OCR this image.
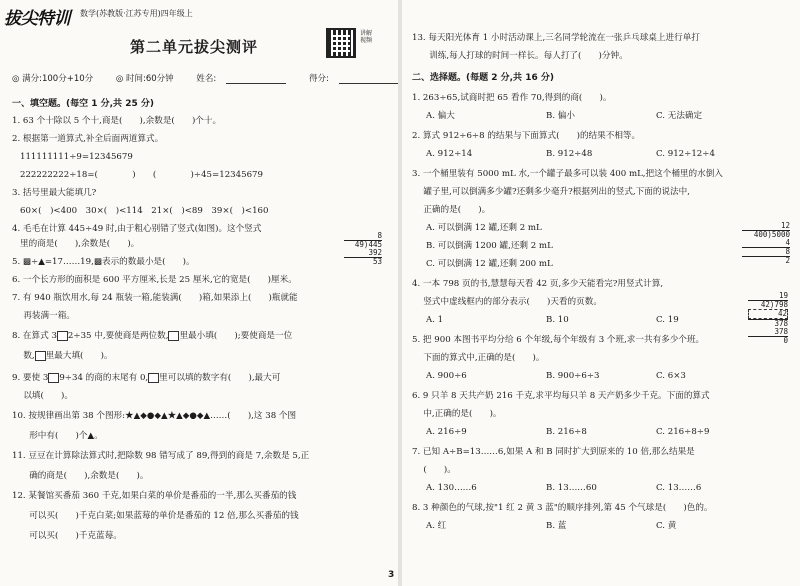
拔尖特训 数学(苏教版·江苏专用)四年级上
第二单元拔尖测评
讲解视频
◎ 满分:100分+10分	◎ 时间:60分钟	姓名:	得分:
一、填空题。(每空 1 分,共 25 分)
1. 63 个十除以 5 个十,商是(　　),余数是(　　)个十。
2. 根据第一道算式,补全后面两道算式。
111111111÷9=12345679
222222222÷18=(　　　　)　　(　　　　)÷45=12345679
3. 括号里最大能填几?
60×(　)<400　30×(　)<114　21×(　)<89　39×(　)<160
4. 毛毛在计算 445÷49 时,由于粗心别错了竖式(如图)。这个竖式
里的商是(　　),余数是(　　)。
5. ▩÷▲=17……19,▩表示的数最小是(　　)。
6. 一个长方形的面积是 600 平方厘米,长是 25 厘米,它的宽是(　　)厘米。
7. 有 940 瓶饮用水,每 24 瓶装一箱,能装满(　　)箱,如果添上(　　)瓶就能
　 再装满一箱。
8. 在算式 3 2÷35 中,要使商是两位数, 里最小填(　　);要使商是一位
　 数, 里最大填(　　)。
9. 要使 3 9÷34 的商的末尾有 0, 里可以填的数字有(　　),最大可
　 以填(　　)。
10. 按规律画出第 38 个图形:★▲◆●◆▲★▲◆●◆▲……(　　),这 38 个图
　　形中有(　　)个▲。
11. 豆豆在计算除法算式时,把除数 98 错写成了 89,得到的商是 7,余数是 5,正
　　确的商是(　　),余数是(　　)。
12. 某餐馆买番茄 360 千克,如果白菜的单价是番茄的一半,那么买番茄的钱
　　可以买(　　)千克白菜;如果蓝莓的单价是番茄的 12 倍,那么买番茄的钱
　　可以买(　　)千克蓝莓。
8
49)445
392
53
13. 每天阳光体育 1 小时活动课上,三名同学轮流在一张乒乓球桌上进行单打
　　训练,每人打球的时间一样长。每人打了(　　)分钟。
二、选择题。(每题 2 分,共 16 分)
1. 263÷65,试商时把 65 看作 70,得到的商(　　)。
A. 偏大	B. 偏小	C. 无法确定
2. 算式 912÷6÷8 的结果与下面算式(　　)的结果不相等。
A. 912÷14	B. 912÷48	C. 912÷12÷4
3. 一个桶里装有 5000 mL 水,一个罐子最多可以装 400 mL,把这个桶里的水倒入
　 罐子里,可以倒满多少罐?还剩多少毫升?根据列出的竖式,下面的说法中,
　 正确的是(　　)。
A. 可以倒满 12 罐,还剩 2 mL
B. 可以倒满 1200 罐,还剩 2 mL
C. 可以倒满 12 罐,还剩 200 mL
4. 一本 798 页的书,慧慧每天看 42 页,多少天能看完?用竖式计算,
　 竖式中虚线框内的部分表示(　　)天看的页数。
A. 1	B. 10	C. 19
5. 把 900 本图书平均分给 6 个年级,每个年级有 3 个班,求一共有多少个班。
　 下面的算式中,正确的是(　　)。
A. 900÷6	B. 900÷6÷3	C. 6×3
6. 9 只羊 8 天共产奶 216 千克,求平均每只羊 8 天产奶多少千克。下面的算式
　 中,正确的是(　　)。
A. 216÷9	B. 216÷8	C. 216÷8÷9
7. 已知 A÷B=13……6,如果 A 和 B 同时扩大到原来的 10 倍,那么结果是
　 (　　)。
A. 130……6	B. 13……60	C. 13……6
8. 3 种颜色的气球,按"1 红 2 黄 3 蓝"的顺序排列,第 45 个气球是(　　)色的。
A. 红	B. 蓝	C. 黄
12
400)5000
4
8
2
19
42)798
42
378
378
0
3
